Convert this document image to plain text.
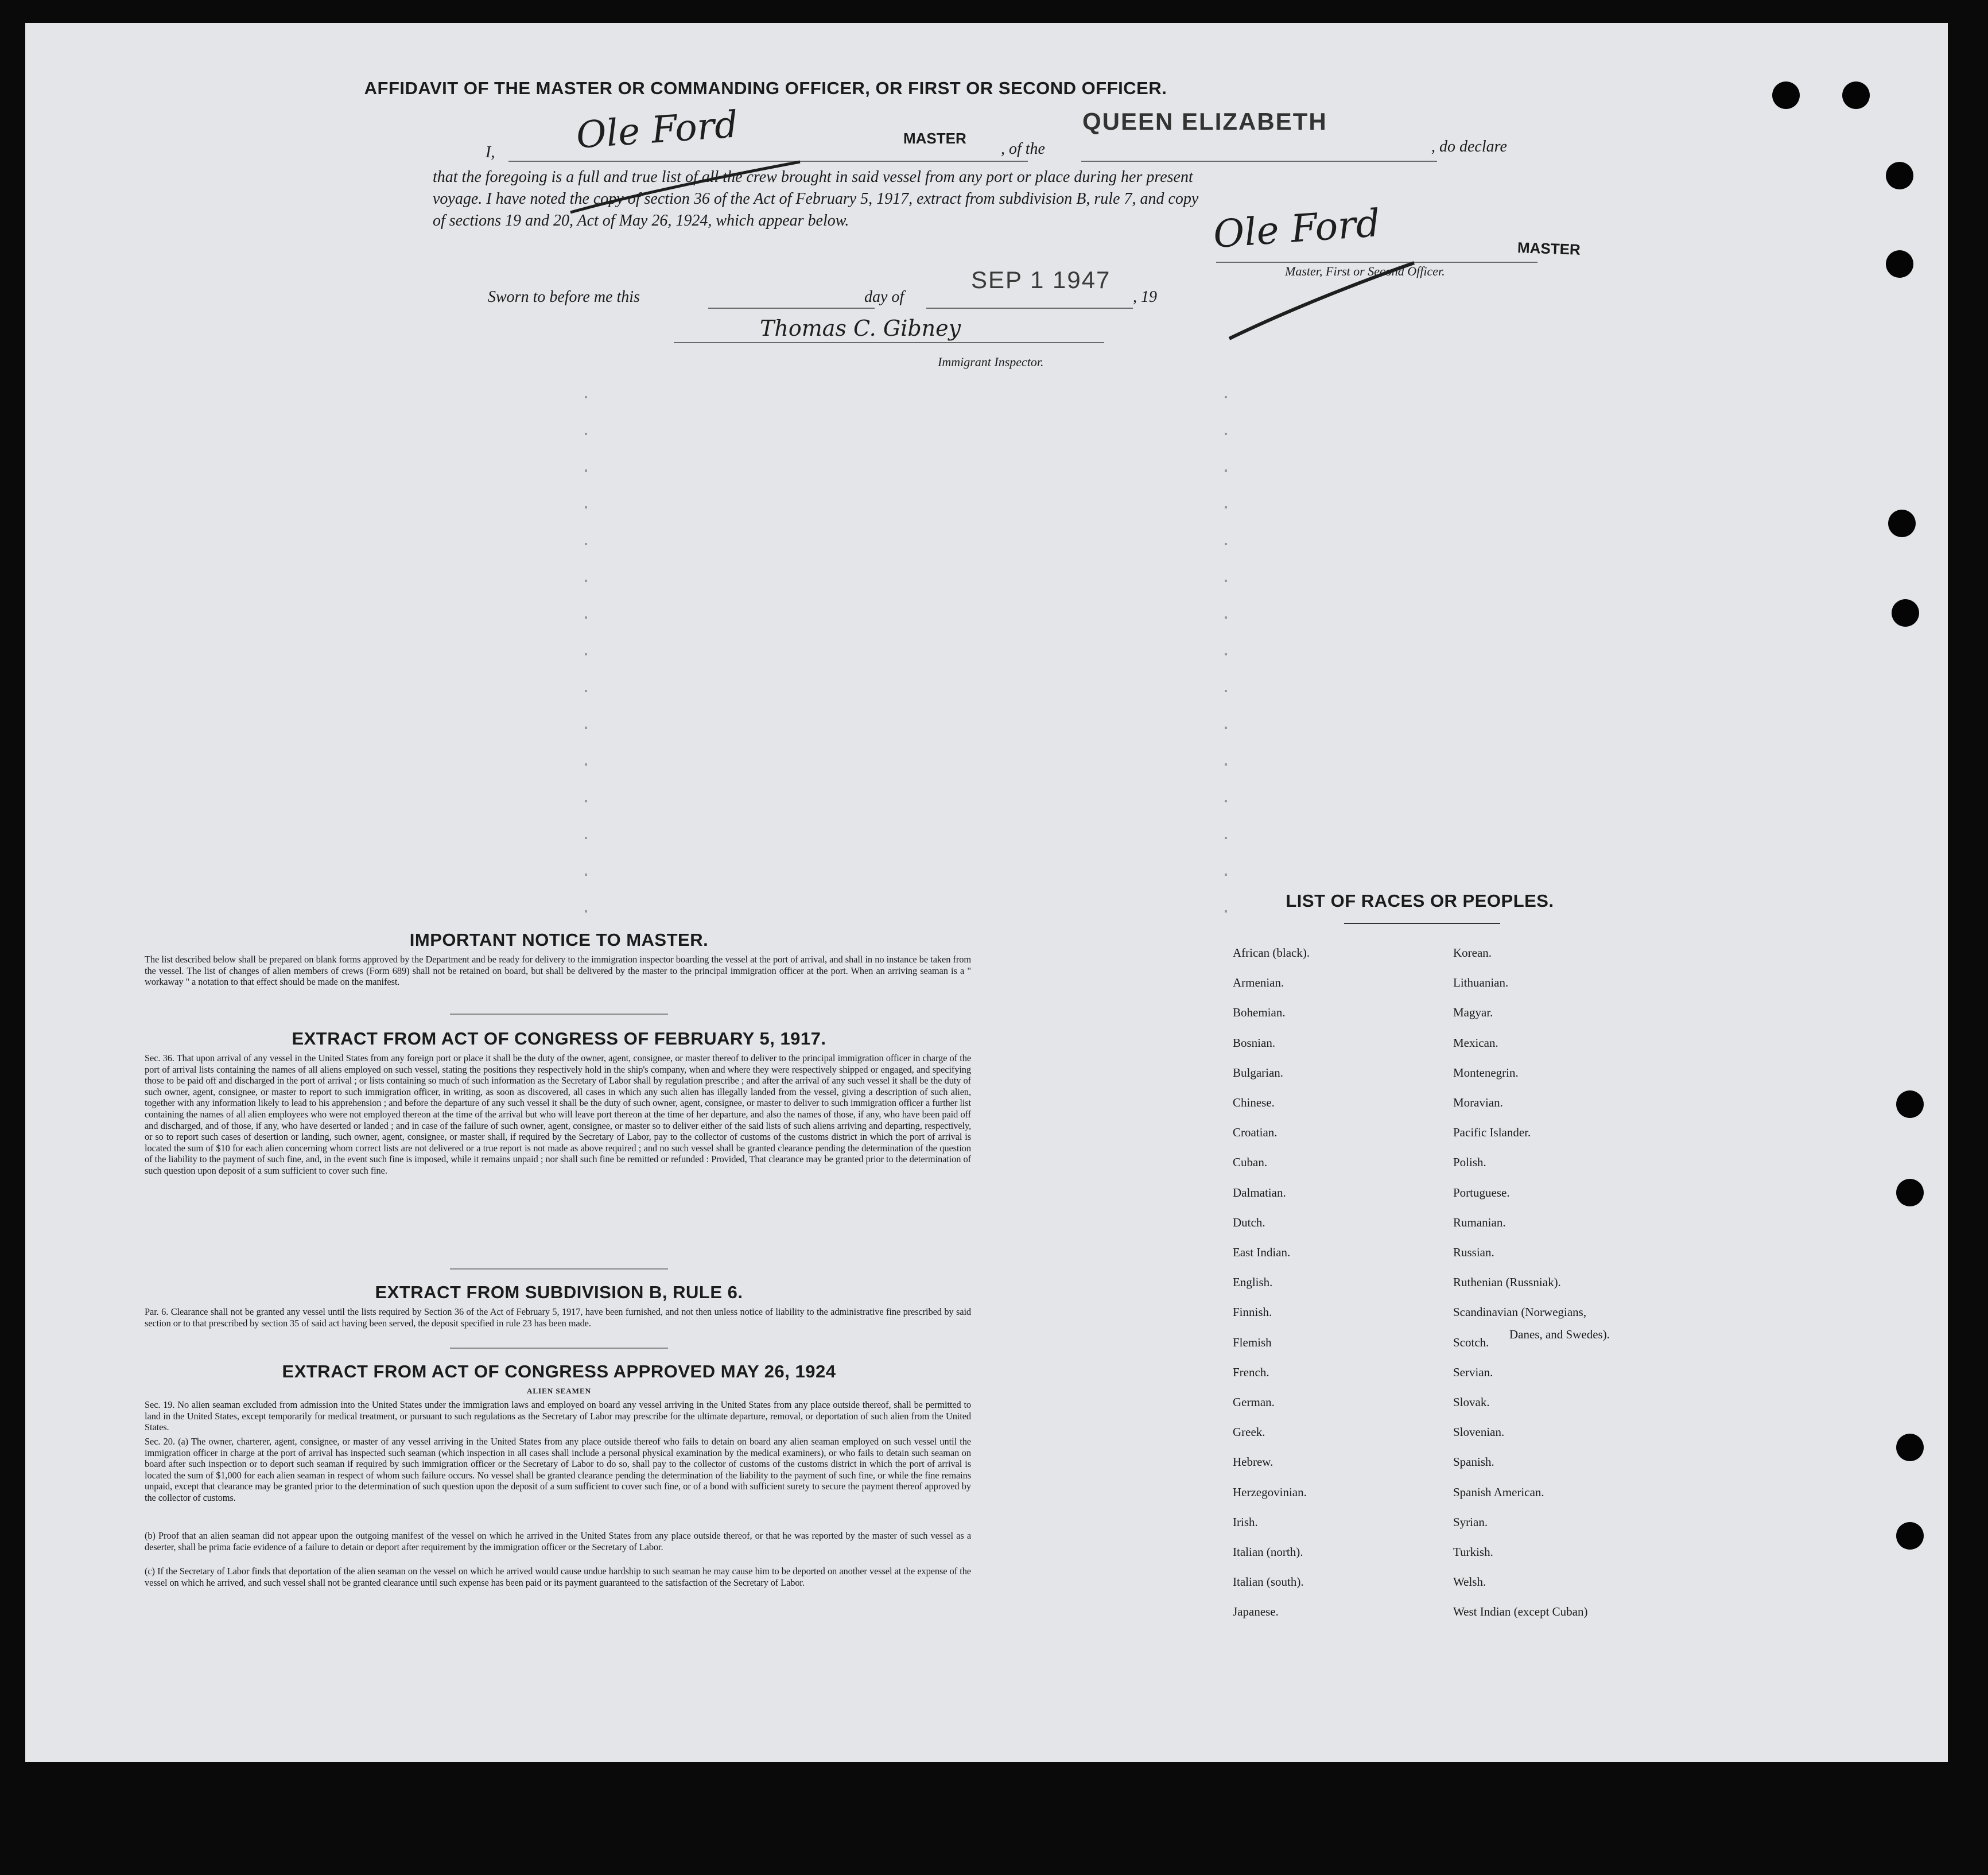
AFFIDAVIT OF THE MASTER OR COMMANDING OFFICER, OR FIRST OR SECOND OFFICER.
I,
MASTER
, of the
QUEEN ELIZABETH
, do declare
that the foregoing is a full and true list of all the crew brought in said vessel from any port or place during her present
voyage. I have noted the copy of section 36 of the Act of February 5, 1917, extract from subdivision B, rule 7, and copy
of sections 19 and 20, Act of May 26, 1924, which appear below.
Ole Ford
Ole Ford	MASTER
Master, First or Second Officer.
Sworn to before me this	day of
SEP 1 1947
, 19
Thomas C. Gibney
Immigrant Inspector.
IMPORTANT NOTICE TO MASTER.
The list described below shall be prepared on blank forms approved by the Department and be ready for delivery to the immigration inspector boarding the vessel at the port of arrival, and shall in no instance be taken from the vessel. The list of changes of alien members of crews (Form 689) shall not be retained on board, but shall be delivered by the master to the principal immigration officer at the port. When an arriving seaman is a " workaway " a notation to that effect should be made on the manifest.
EXTRACT FROM ACT OF CONGRESS OF FEBRUARY 5, 1917.
Sec. 36. That upon arrival of any vessel in the United States from any foreign port or place it shall be the duty of the owner, agent, consignee, or master thereof to deliver to the principal immigration officer in charge of the port of arrival lists containing the names of all aliens employed on such vessel, stating the positions they respectively hold in the ship's company, when and where they were respectively shipped or engaged, and specifying those to be paid off and discharged in the port of arrival ; or lists containing so much of such information as the Secretary of Labor shall by regulation prescribe ; and after the arrival of any such vessel it shall be the duty of such owner, agent, consignee, or master to report to such immigration officer, in writing, as soon as discovered, all cases in which any such alien has illegally landed from the vessel, giving a description of such alien, together with any information likely to lead to his apprehension ; and before the departure of any such vessel it shall be the duty of such owner, agent, consignee, or master to deliver to such immigration officer a further list containing the names of all alien employees who were not employed thereon at the time of the arrival but who will leave port thereon at the time of her departure, and also the names of those, if any, who have been paid off and discharged, and of those, if any, who have deserted or landed ; and in case of the failure of such owner, agent, consignee, or master so to deliver either of the said lists of such aliens arriving and departing, respectively, or so to report such cases of desertion or landing, such owner, agent, consignee, or master shall, if required by the Secretary of Labor, pay to the collector of customs of the customs district in which the port of arrival is located the sum of $10 for each alien concerning whom correct lists are not delivered or a true report is not made as above required ; and no such vessel shall be granted clearance pending the determination of the question of the liability to the payment of such fine, and, in the event such fine is imposed, while it remains unpaid ; nor shall such fine be remitted or refunded : Provided, That clearance may be granted prior to the determination of such question upon deposit of a sum sufficient to cover such fine.
EXTRACT FROM SUBDIVISION B, RULE 6.
Par. 6. Clearance shall not be granted any vessel until the lists required by Section 36 of the Act of February 5, 1917, have been furnished, and not then unless notice of liability to the administrative fine prescribed by said section or to that prescribed by section 35 of said act having been served, the deposit specified in rule 23 has been made.
EXTRACT FROM ACT OF CONGRESS APPROVED MAY 26, 1924
ALIEN SEAMEN
Sec. 19. No alien seaman excluded from admission into the United States under the immigration laws and employed on board any vessel arriving in the United States from any place outside thereof, shall be permitted to land in the United States, except temporarily for medical treatment, or pursuant to such regulations as the Secretary of Labor may prescribe for the ultimate departure, removal, or deportation of such alien from the United States.
Sec. 20. (a) The owner, charterer, agent, consignee, or master of any vessel arriving in the United States from any place outside thereof who fails to detain on board any alien seaman employed on such vessel until the immigration officer in charge at the port of arrival has inspected such seaman (which inspection in all cases shall include a personal physical examination by the medical examiners), or who fails to detain such seaman on board after such inspection or to deport such seaman if required by such immigration officer or the Secretary of Labor to do so, shall pay to the collector of customs of the customs district in which the port of arrival is located the sum of $1,000 for each alien seaman in respect of whom such failure occurs. No vessel shall be granted clearance pending the determination of the liability to the payment of such fine, or while the fine remains unpaid, except that clearance may be granted prior to the determination of such question upon the deposit of a sum sufficient to cover such fine, or of a bond with sufficient surety to secure the payment thereof approved by the collector of customs.
(b) Proof that an alien seaman did not appear upon the outgoing manifest of the vessel on which he arrived in the United States from any place outside thereof, or that he was reported by the master of such vessel as a deserter, shall be prima facie evidence of a failure to detain or deport after requirement by the immigration officer or the Secretary of Labor.
(c) If the Secretary of Labor finds that deportation of the alien seaman on the vessel on which he arrived would cause undue hardship to such seaman he may cause him to be deported on another vessel at the expense of the vessel on which he arrived, and such vessel shall not be granted clearance until such expense has been paid or its payment guaranteed to the satisfaction of the Secretary of Labor.
LIST OF RACES OR PEOPLES.
Danes, and Swedes).
African (black).
Armenian.
Bohemian.
Bosnian.
Bulgarian.
Chinese.
Croatian.
Cuban.
Dalmatian.
Dutch.
East Indian.
English.
Finnish.
Flemish
French.
German.
Greek.
Hebrew.
Herzegovinian.
Irish.
Italian (north).
Italian (south).
Japanese.
Korean.
Lithuanian.
Magyar.
Mexican.
Montenegrin.
Moravian.
Pacific Islander.
Polish.
Portuguese.
Rumanian.
Russian.
Ruthenian (Russniak).
Scandinavian (Norwegians,
Scotch.
Servian.
Slovak.
Slovenian.
Spanish.
Spanish American.
Syrian.
Turkish.
Welsh.
West Indian (except Cuban)
